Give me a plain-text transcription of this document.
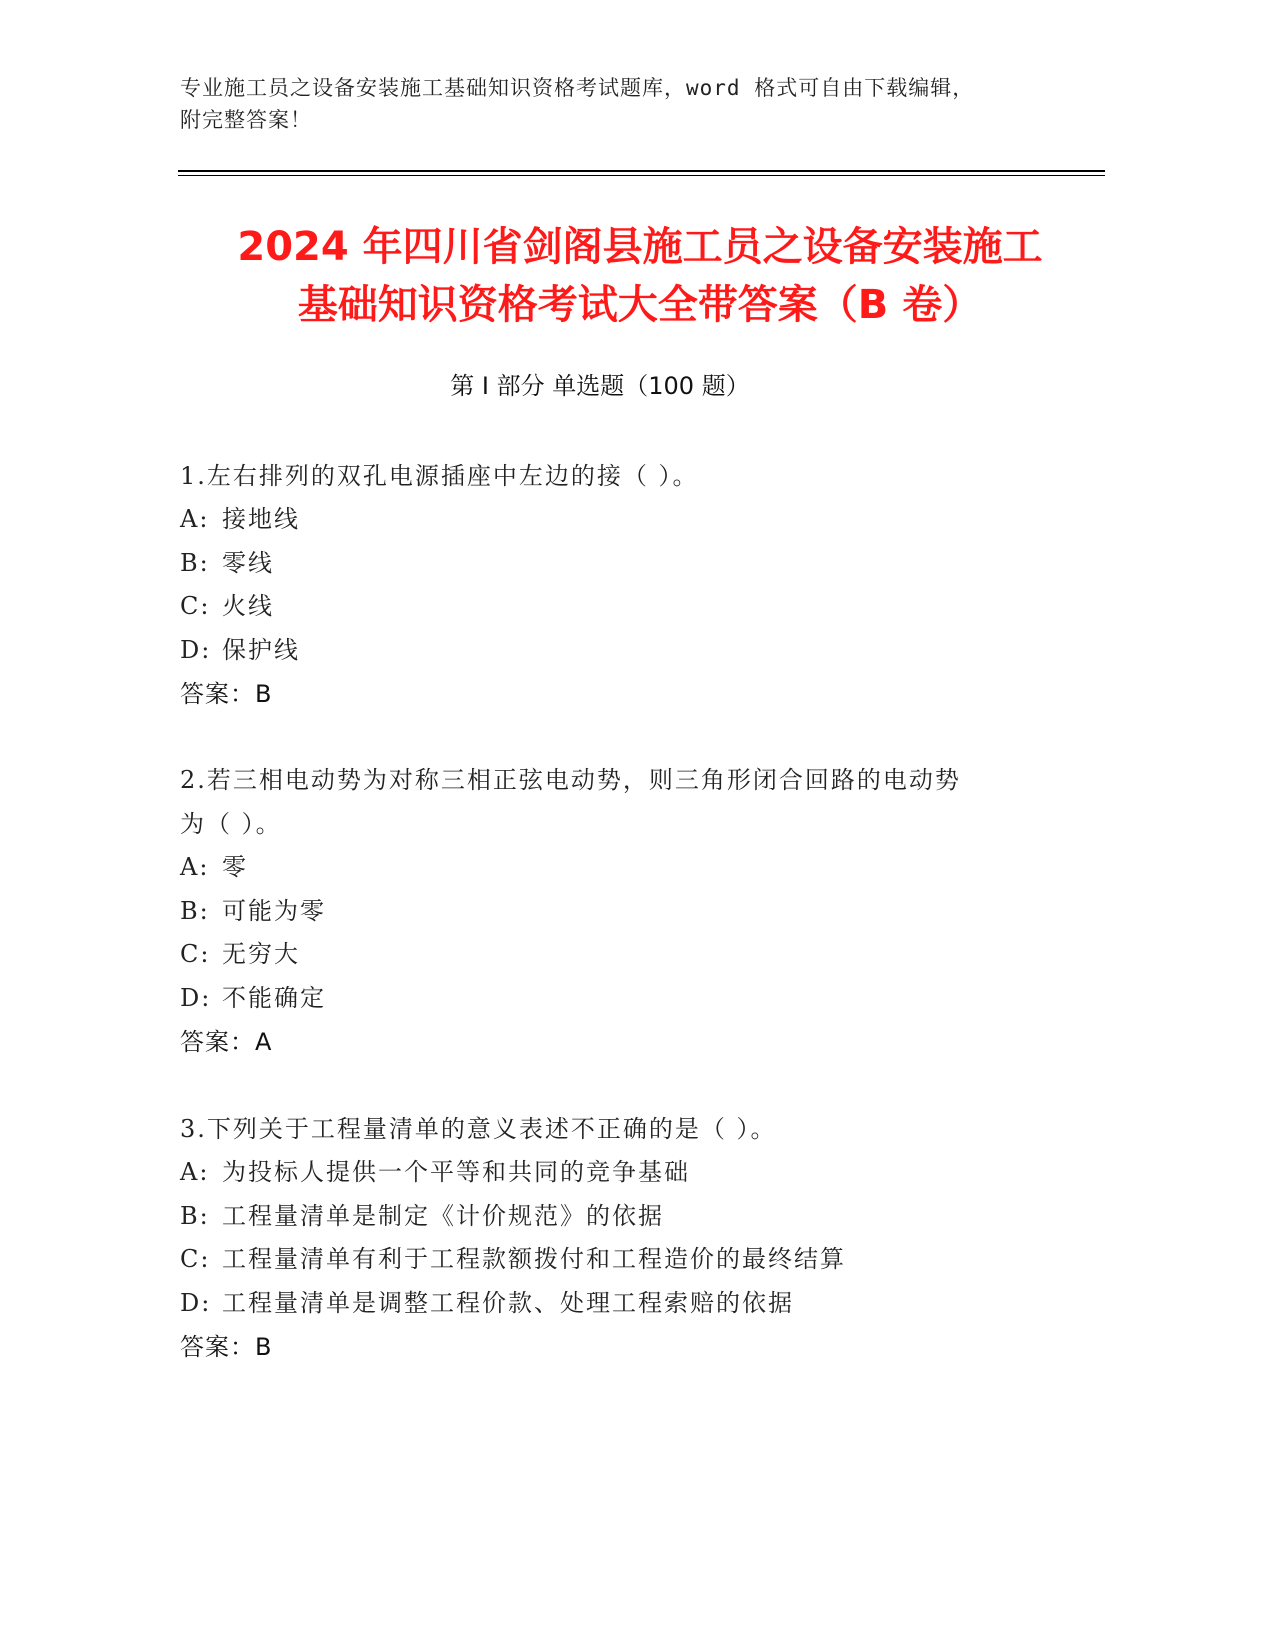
专业施工员之设备安装施工基础知识资格考试题库，word 格式可自由下载编辑，
附完整答案！
2024 年四川省剑阁县施工员之设备安装施工
基础知识资格考试大全带答案（B 卷）
第 I 部分 单选题（100 题）
1.左右排列的双孔电源插座中左边的接（ ）。
A: 接地线
B: 零线
C: 火线
D: 保护线
答案：B
2.若三相电动势为对称三相正弦电动势，则三角形闭合回路的电动势
为（ ）。
A: 零
B: 可能为零
C: 无穷大
D: 不能确定
答案：A
3.下列关于工程量清单的意义表述不正确的是（ ）。
A: 为投标人提供一个平等和共同的竞争基础
B: 工程量清单是制定《计价规范》的依据
C: 工程量清单有利于工程款额拨付和工程造价的最终结算
D: 工程量清单是调整工程价款、处理工程索赔的依据
答案：B
